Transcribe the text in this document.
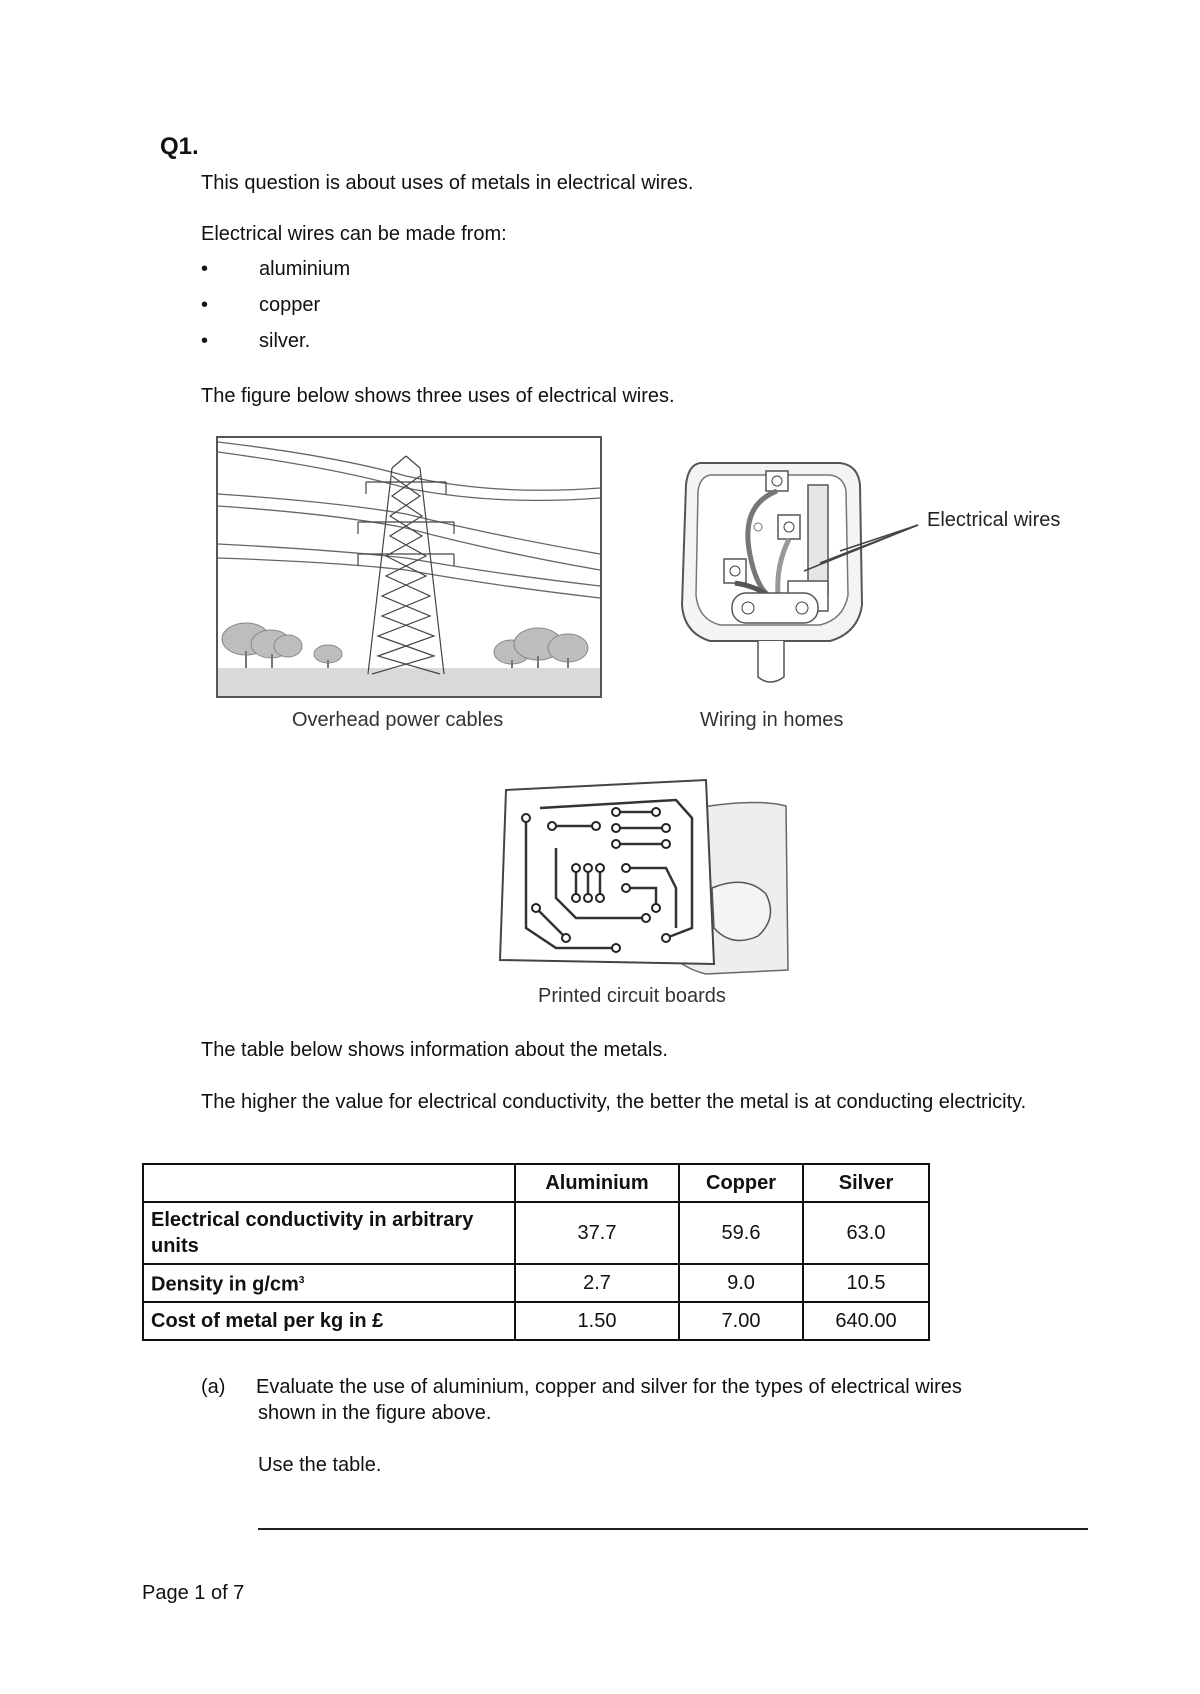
Q1.
This question is about uses of metals in electrical wires.
Electrical wires can be made from:
•	aluminium
•	copper
•	silver.
The figure below shows three uses of electrical wires.
Overhead power cables
Electrical wires
Wiring in homes
Printed circuit boards
The table below shows information about the metals.
The higher the value for electrical conductivity, the better the metal is at conducting electricity.
	Aluminium	Copper	Silver
Electrical conductivity in arbitrary units	37.7	59.6	63.0
Density in $g/cm^3$	2.7	9.0	10.5
Cost of metal per kg in £	1.50	7.00	640.00
(a) Evaluate the use of aluminium, copper and silver for the types of electrical wires
shown in the figure above.
Use the table.
Page 1 of 7
